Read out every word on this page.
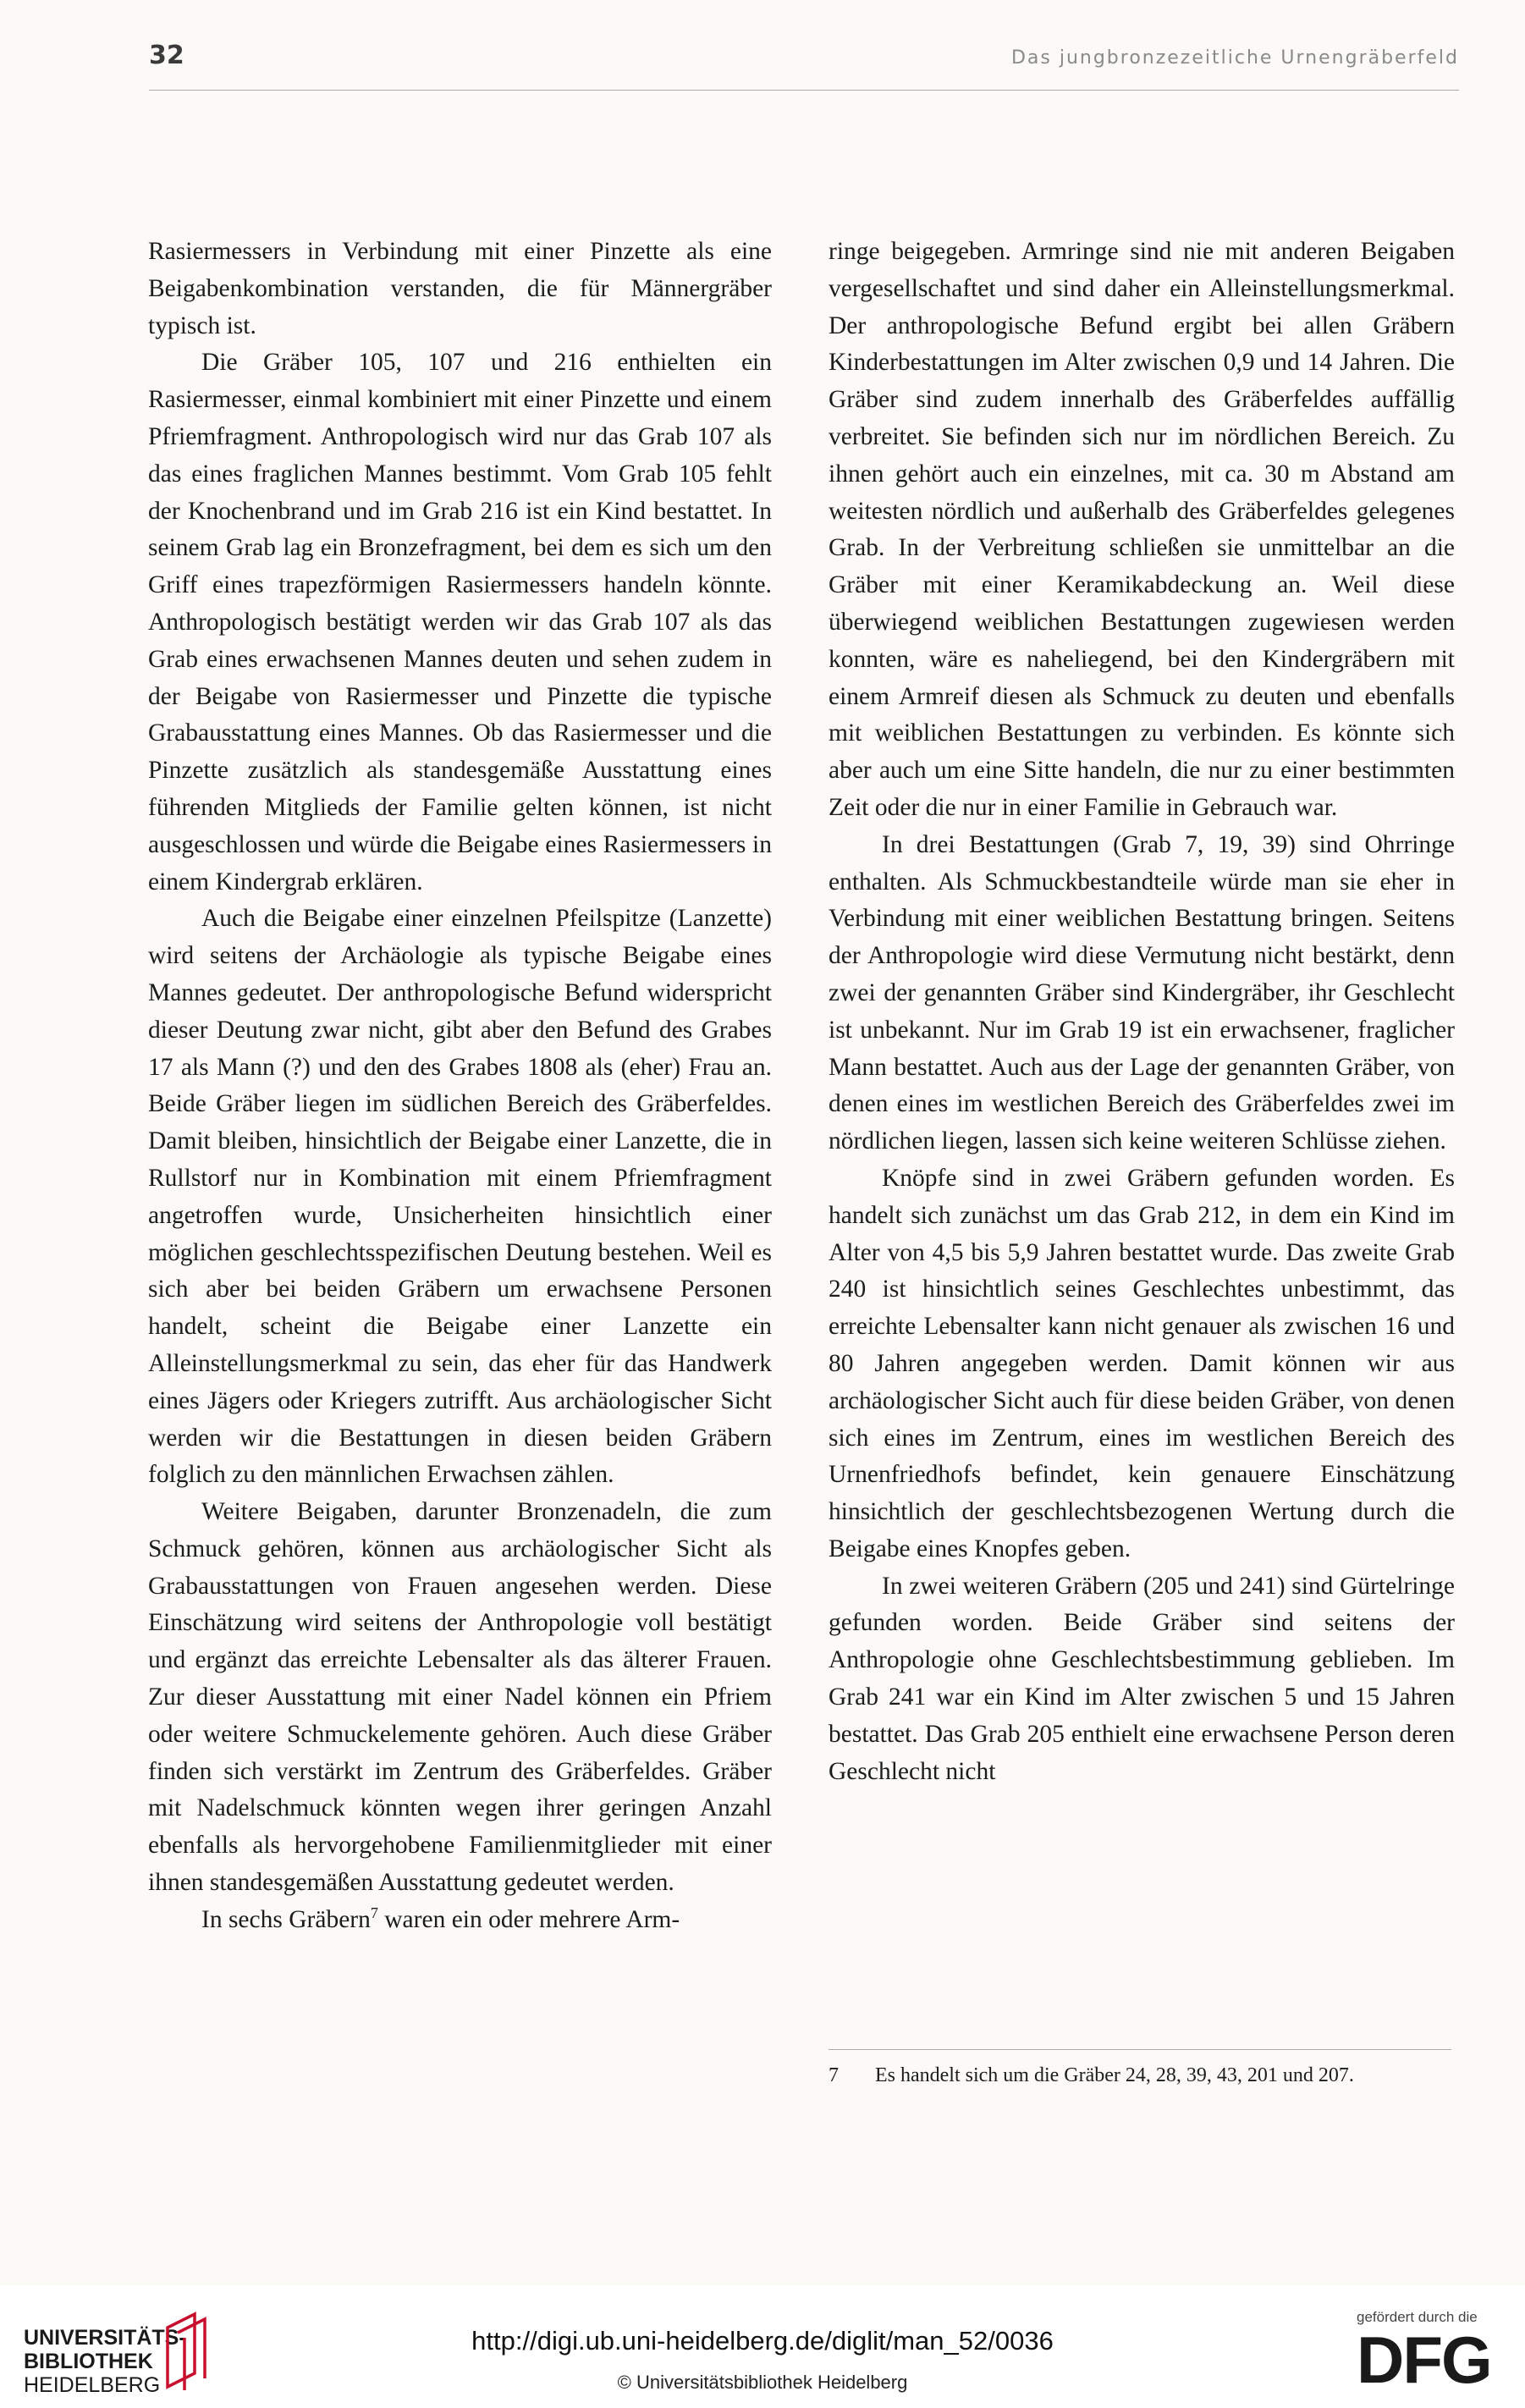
32	Das jungbronzezeitliche Urnengräberfeld

Rasiermessers in Verbindung mit einer Pinzette als eine Beigabenkombination verstanden, die für Männergräber typisch ist.

Die Gräber 105, 107 und 216 enthielten ein Rasiermesser, einmal kombiniert mit einer Pinzette und einem Pfriemfragment. Anthropologisch wird nur das Grab 107 als das eines fraglichen Mannes bestimmt. Vom Grab 105 fehlt der Knochenbrand und im Grab 216 ist ein Kind bestattet. In seinem Grab lag ein Bronzefragment, bei dem es sich um den Griff eines trapezförmigen Rasiermessers handeln könnte. Anthropologisch bestätigt werden wir das Grab 107 als das Grab eines erwachsenen Mannes deuten und sehen zudem in der Beigabe von Rasiermesser und Pinzette die typische Grabausstattung eines Mannes. Ob das Rasiermesser und die Pinzette zusätzlich als standesgemäße Ausstattung eines führenden Mitglieds der Familie gelten können, ist nicht ausgeschlossen und würde die Beigabe eines Rasiermessers in einem Kindergrab erklären.

Auch die Beigabe einer einzelnen Pfeilspitze (Lanzette) wird seitens der Archäologie als typische Beigabe eines Mannes gedeutet. Der anthropologische Befund widerspricht dieser Deutung zwar nicht, gibt aber den Befund des Grabes 17 als Mann (?) und den des Grabes 1808 als (eher) Frau an. Beide Gräber liegen im südlichen Bereich des Gräberfeldes. Damit bleiben, hinsichtlich der Beigabe einer Lanzette, die in Rullstorf nur in Kombination mit einem Pfriemfragment angetroffen wurde, Unsicherheiten hinsichtlich einer möglichen geschlechtsspezifischen Deutung bestehen. Weil es sich aber bei beiden Gräbern um erwachsene Personen handelt, scheint die Beigabe einer Lanzette ein Alleinstellungsmerkmal zu sein, das eher für das Handwerk eines Jägers oder Kriegers zutrifft. Aus archäologischer Sicht werden wir die Bestattungen in diesen beiden Gräbern folglich zu den männlichen Erwachsen zählen.

Weitere Beigaben, darunter Bronzenadeln, die zum Schmuck gehören, können aus archäologischer Sicht als Grabausstattungen von Frauen angesehen werden. Diese Einschätzung wird seitens der Anthropologie voll bestätigt und ergänzt das erreichte Lebensalter als das älterer Frauen. Zur dieser Ausstattung mit einer Nadel können ein Pfriem oder weitere Schmuckelemente gehören. Auch diese Gräber finden sich verstärkt im Zentrum des Gräberfeldes. Gräber mit Nadelschmuck könnten wegen ihrer geringen Anzahl ebenfalls als hervorgehobene Familienmitglieder mit einer ihnen standesgemäßen Ausstattung gedeutet werden.

In sechs Gräbern$^7$ waren ein oder mehrere Arm-

ringe beigegeben. Armringe sind nie mit anderen Beigaben vergesellschaftet und sind daher ein Alleinstellungsmerkmal. Der anthropologische Befund ergibt bei allen Gräbern Kinderbestattungen im Alter zwischen 0,9 und 14 Jahren. Die Gräber sind zudem innerhalb des Gräberfeldes auffällig verbreitet. Sie befinden sich nur im nördlichen Bereich. Zu ihnen gehört auch ein einzelnes, mit ca. 30 m Abstand am weitesten nördlich und außerhalb des Gräberfeldes gelegenes Grab. In der Verbreitung schließen sie unmittelbar an die Gräber mit einer Keramikabdeckung an. Weil diese überwiegend weiblichen Bestattungen zugewiesen werden konnten, wäre es naheliegend, bei den Kindergräbern mit einem Armreif diesen als Schmuck zu deuten und ebenfalls mit weiblichen Bestattungen zu verbinden. Es könnte sich aber auch um eine Sitte handeln, die nur zu einer bestimmten Zeit oder die nur in einer Familie in Gebrauch war.

In drei Bestattungen (Grab 7, 19, 39) sind Ohrringe enthalten. Als Schmuckbestandteile würde man sie eher in Verbindung mit einer weiblichen Bestattung bringen. Seitens der Anthropologie wird diese Vermutung nicht bestärkt, denn zwei der genannten Gräber sind Kindergräber, ihr Geschlecht ist unbekannt. Nur im Grab 19 ist ein erwachsener, fraglicher Mann bestattet. Auch aus der Lage der genannten Gräber, von denen eines im westlichen Bereich des Gräberfeldes zwei im nördlichen liegen, lassen sich keine weiteren Schlüsse ziehen.

Knöpfe sind in zwei Gräbern gefunden worden. Es handelt sich zunächst um das Grab 212, in dem ein Kind im Alter von 4,5 bis 5,9 Jahren bestattet wurde. Das zweite Grab 240 ist hinsichtlich seines Geschlechtes unbestimmt, das erreichte Lebensalter kann nicht genauer als zwischen 16 und 80 Jahren angegeben werden. Damit können wir aus archäologischer Sicht auch für diese beiden Gräber, von denen sich eines im Zentrum, eines im westlichen Bereich des Urnenfriedhofs befindet, kein genauere Einschätzung hinsichtlich der geschlechtsbezogenen Wertung durch die Beigabe eines Knopfes geben.

In zwei weiteren Gräbern (205 und 241) sind Gürtelringe gefunden worden. Beide Gräber sind seitens der Anthropologie ohne Geschlechtsbestimmung geblieben. Im Grab 241 war ein Kind im Alter zwischen 5 und 15 Jahren bestattet. Das Grab 205 enthielt eine erwachsene Person deren Geschlecht nicht

7	Es handelt sich um die Gräber 24, 28, 39, 43, 201 und 207.
UNIVERSITÄTS-
BIBLIOTHEK
HEIDELBERG
http://digi.ub.uni-heidelberg.de/diglit/man_52/0036
© Universitätsbibliothek Heidelberg
gefördert durch die
DFG
